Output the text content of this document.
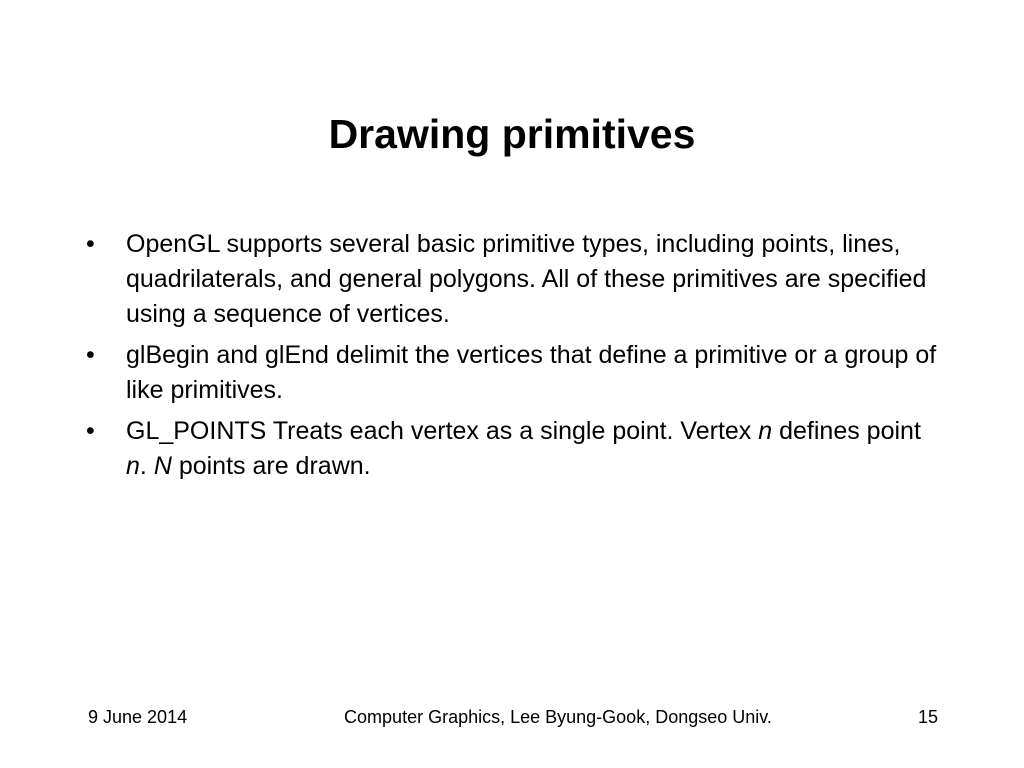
Drawing primitives
• OpenGL supports several basic primitive types, including points, lines, quadrilaterals, and general polygons. All of these primitives are specified using a sequence of vertices.
• glBegin and glEnd delimit the vertices that define a primitive or a group of like primitives.
• GL_POINTS Treats each vertex as a single point. Vertex n defines point n. N points are drawn.
9 June 2014	Computer Graphics, Lee Byung-Gook, Dongseo Univ.	15
